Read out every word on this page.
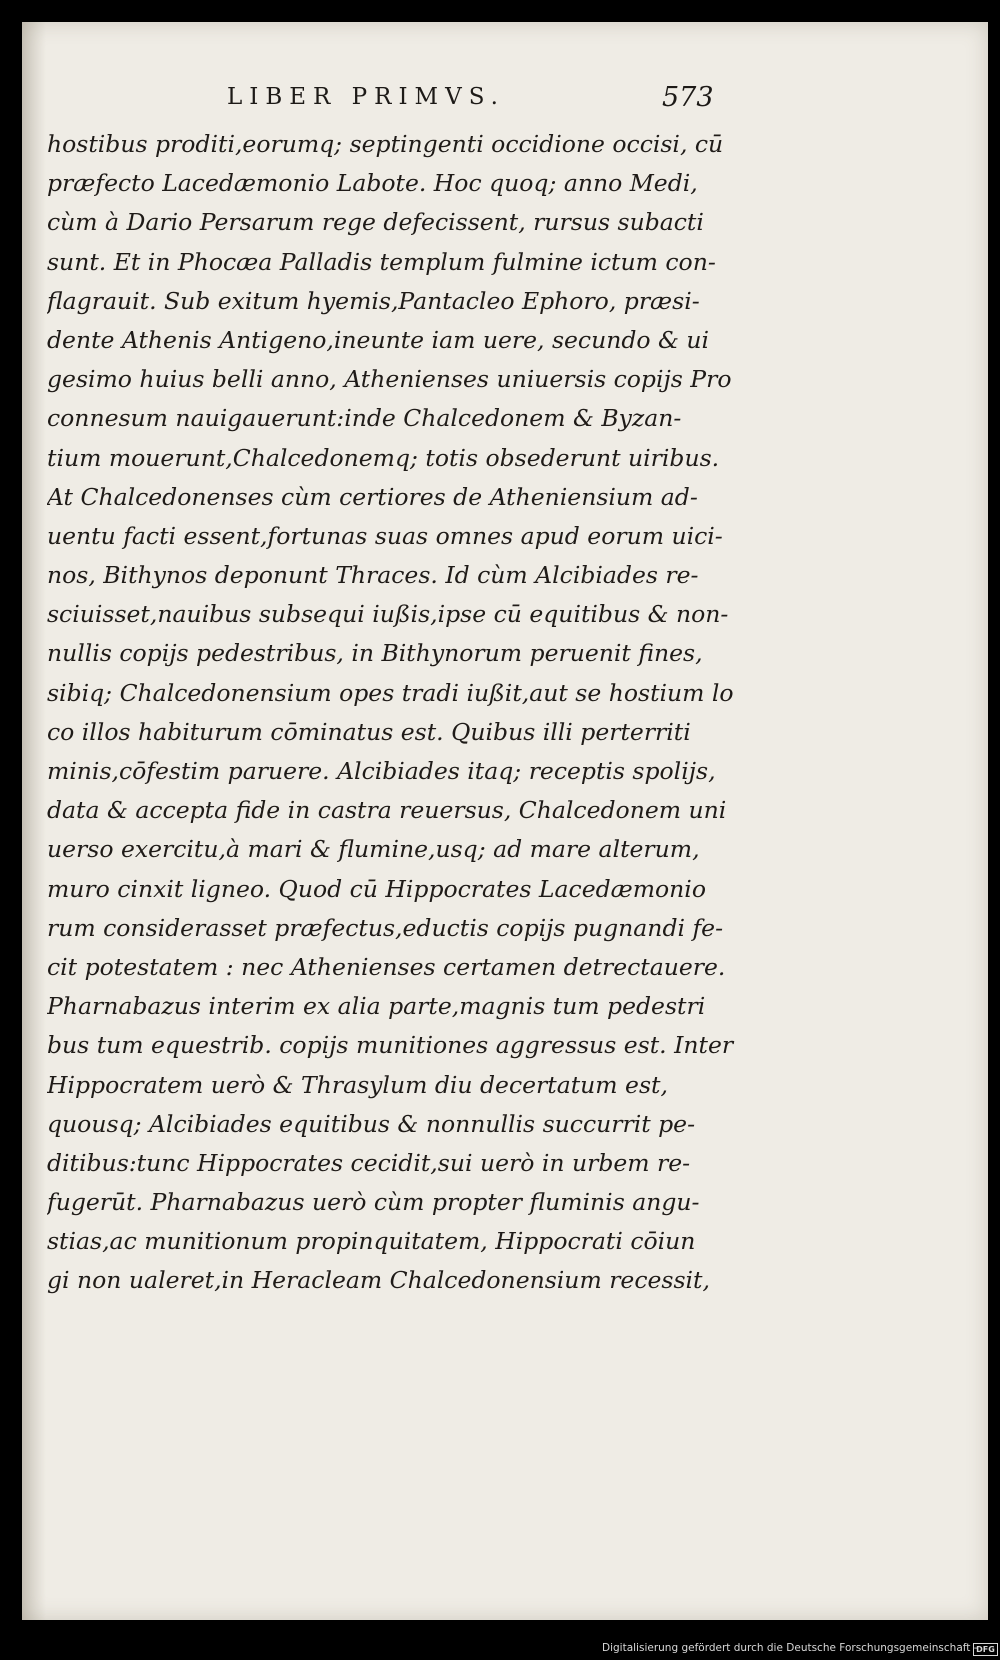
LIBER PRIMVS.	573
hostibus proditi,eorumq; septingenti occidione occisi, cū
præfecto Lacedæmonio Labote. Hoc quoq; anno Medi,
cùm à Dario Persarum rege defecissent, rursus subacti
sunt. Et in Phocæa Palladis templum fulmine ictum con-
flagrauit. Sub exitum hyemis,Pantacleo Ephoro, præsi-
dente Athenis Antigeno,ineunte iam uere, secundo & ui
gesimo huius belli anno, Athenienses uniuersis copijs Pro
connesum nauigauerunt:inde Chalcedonem & Byzan-
tium mouerunt,Chalcedonemq; totis obsederunt uiribus.
At Chalcedonenses cùm certiores de Atheniensium ad-
uentu facti essent,fortunas suas omnes apud eorum uici-
nos, Bithynos deponunt Thraces. Id cùm Alcibiades re-
sciuisset,nauibus subsequi iußis,ipse cū equitibus & non-
nullis copijs pedestribus, in Bithynorum peruenit fines,
sibiq; Chalcedonensium opes tradi iußit,aut se hostium lo
co illos habiturum cōminatus est. Quibus illi perterriti
minis,cōfestim paruere. Alcibiades itaq; receptis spolijs,
data & accepta fide in castra reuersus, Chalcedonem uni
uerso exercitu,à mari & flumine,usq; ad mare alterum,
muro cinxit ligneo. Quod cū Hippocrates Lacedæmonio
rum considerasset præfectus,eductis copijs pugnandi fe-
cit potestatem : nec Athenienses certamen detrectauere.
Pharnabazus interim ex alia parte,magnis tum pedestri
bus tum equestrib. copijs munitiones aggressus est. Inter
Hippocratem uerò & Thrasylum diu decertatum est,
quousq; Alcibiades equitibus & nonnullis succurrit pe-
ditibus:tunc Hippocrates cecidit,sui uerò in urbem re-
fugerūt. Pharnabazus uerò cùm propter fluminis angu-
stias,ac munitionum propinquitatem, Hippocrati cōiun
gi non ualeret,in Heracleam Chalcedonensium recessit,
Digitalisierung gefördert durch die Deutsche Forschungsgemeinschaft -
DFG
